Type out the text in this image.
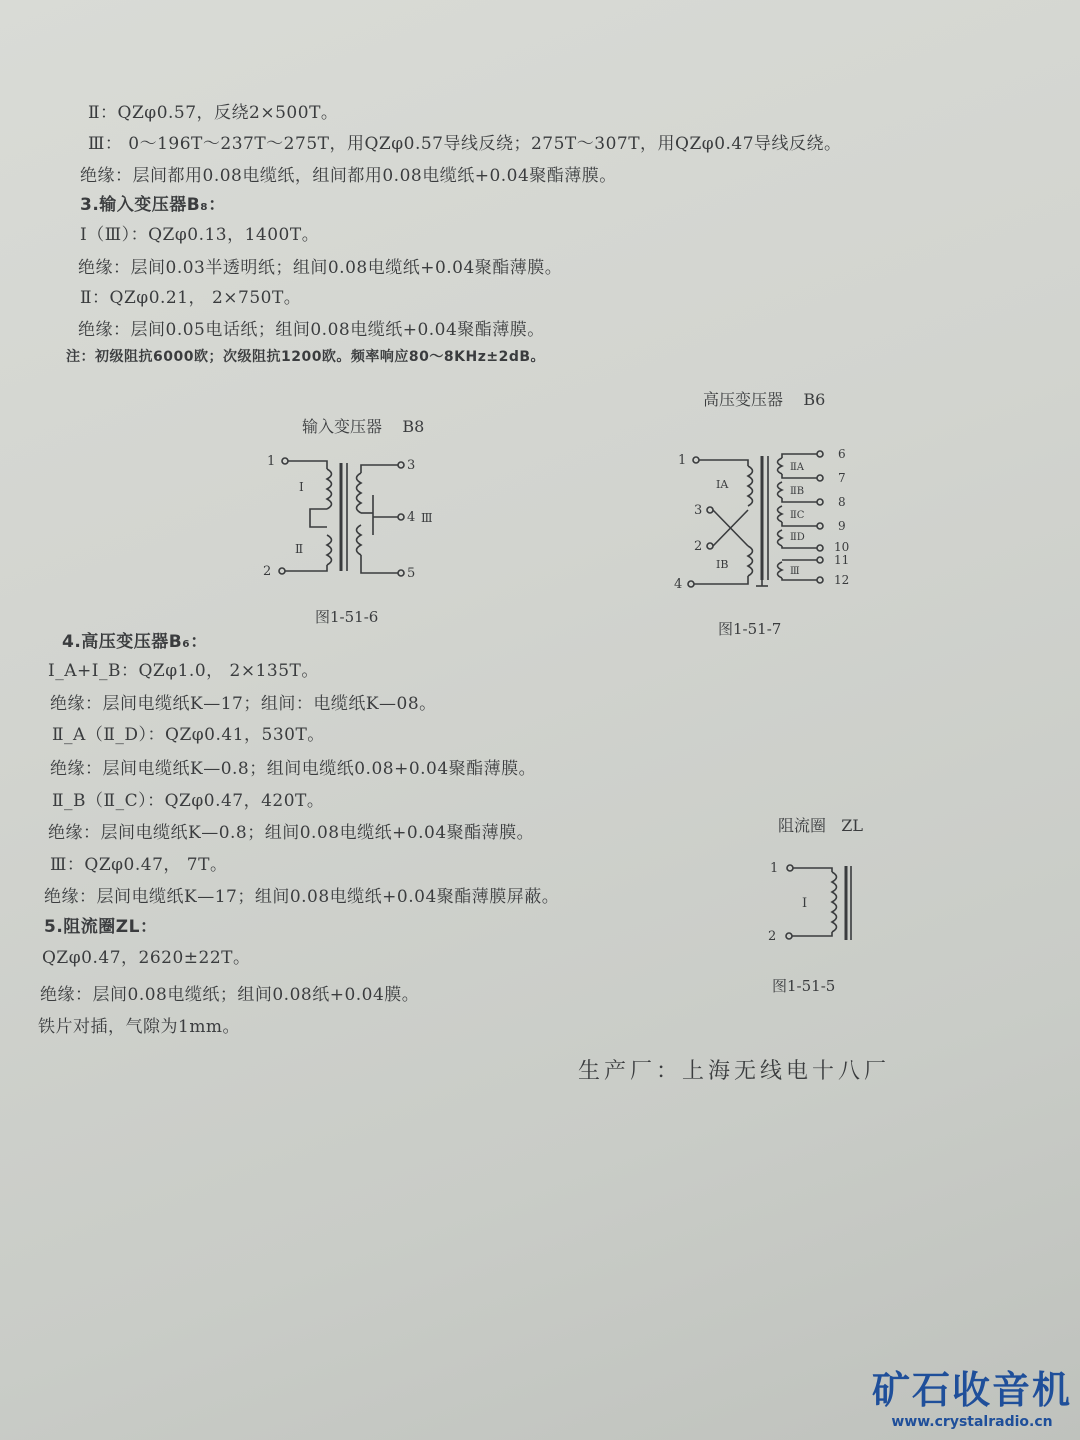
Ⅱ：QZφ0.57，反绕2×500T。
Ⅲ： 0～196T～237T～275T，用QZφ0.57导线反绕；275T～307T，用QZφ0.47导线反绕。
绝缘：层间都用0.08电缆纸，组间都用0.08电缆纸+0.04聚酯薄膜。
3.输入变压器B₈：
Ⅰ（Ⅲ）：QZφ0.13，1400T。
绝缘：层间0.03半透明纸；组间0.08电缆纸+0.04聚酯薄膜。
Ⅱ：QZφ0.21， 2×750T。
绝缘：层间0.05电话纸；组间0.08电缆纸+0.04聚酯薄膜。
注：初级阻抗6000欧；次级阻抗1200欧。频率响应80～8KHz±2dB。
4.高压变压器B₆：
I_A+I_B：QZφ1.0， 2×135T。
绝缘：层间电缆纸K—17；组间：电缆纸K—08。
Ⅱ_A（Ⅱ_D）：QZφ0.41，530T。
绝缘：层间电缆纸K—0.8；组间电缆纸0.08+0.04聚酯薄膜。
Ⅱ_B（Ⅱ_C）：QZφ0.47，420T。
绝缘：层间电缆纸K—0.8；组间0.08电缆纸+0.04聚酯薄膜。
Ⅲ：QZφ0.47， 7T。
绝缘：层间电缆纸K—17；组间0.08电缆纸+0.04聚酯薄膜屏蔽。
5.阻流圈ZL：
QZφ0.47，2620±22T。
绝缘：层间0.08电缆纸；组间0.08纸+0.04膜。
铁片对插，气隙为1mm。
输入变压器 B8
1
2
3
4
5
Ⅰ
Ⅱ
Ⅲ
图1-51-6
高压变压器 B6
1
3
2
4
6
7
8
9
10
11
12
IA
IB
ⅡA
ⅡB
ⅡC
ⅡD
Ⅲ
图1-51-7
阻流圈 ZL
1
2
Ⅰ
图1-51-5
生产厂：上海无线电十八厂
矿石收音机
www.crystalradio.cn
